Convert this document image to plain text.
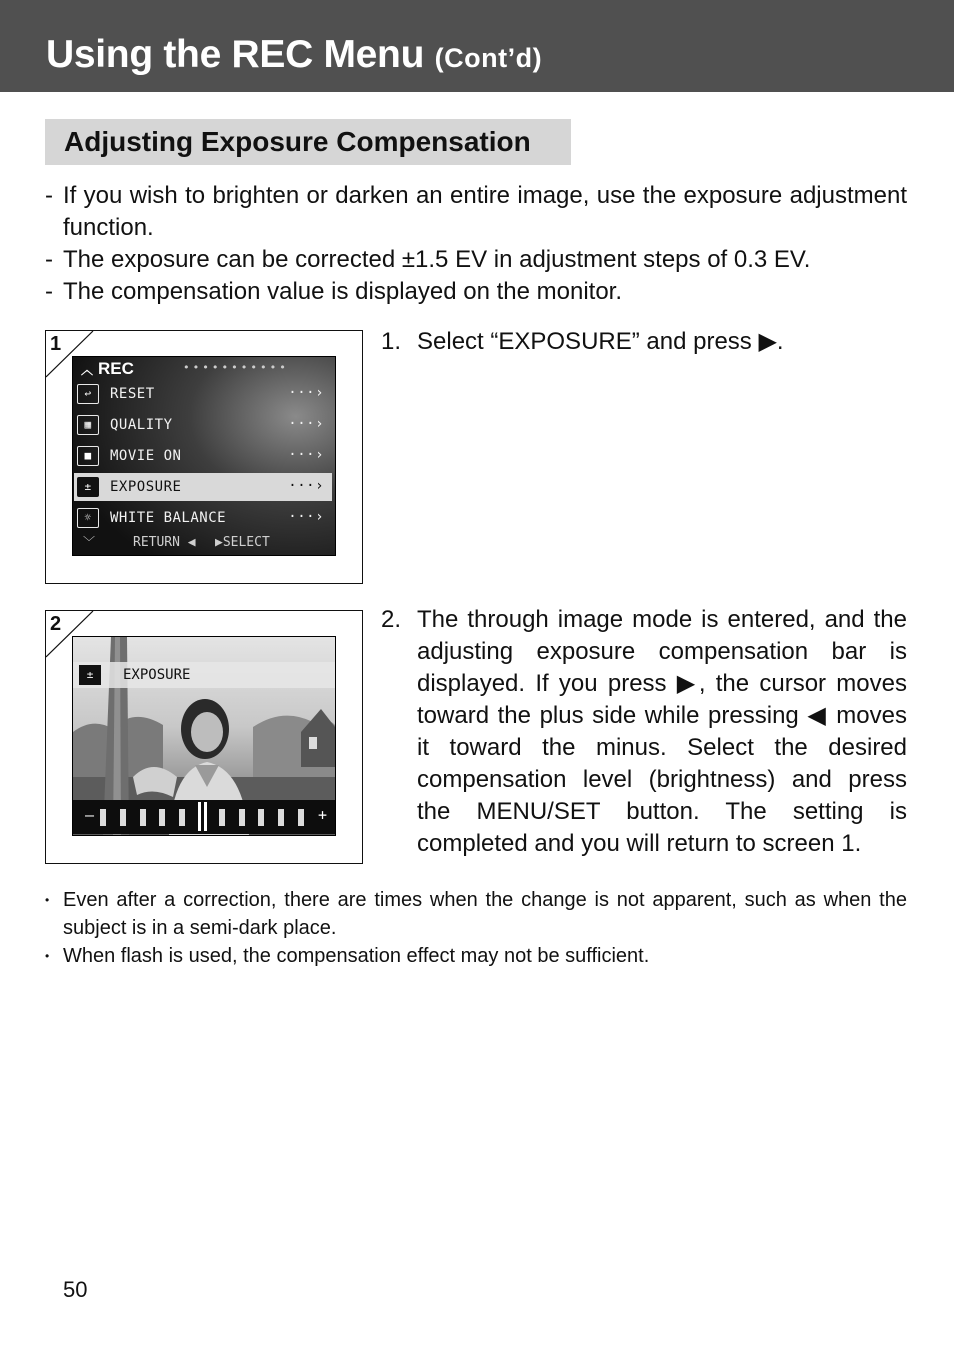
Using the REC Menu (Cont’d)
Adjusting Exposure Compensation
- If you wish to brighten or darken an entire image, use the exposure adjustment function.
- The exposure can be corrected ±1.5 EV in adjustment steps of 0.3 EV.
- The compensation value is displayed on the monitor.
1
︿ REC	•••••••••••
↩	RESET	···›
▦	QUALITY	···›
■	MOVIE ON	···›
±	EXPOSURE	···›
☼	WHITE BALANCE	···›
﹀	RETURN ◀ ▶SELECT
2
±	EXPOSURE
–	+
1. Select “EXPOSURE” and press ▶.
2. The through image mode is entered, and the adjusting exposure compensation bar is displayed. If you press ▶, the cursor moves toward the plus side while pressing ◀ moves it toward the minus. Select the desired compensation level (brightness) and press the MENU/SET button. The setting is completed and you will return to screen 1.
• Even after a correction, there are times when the change is not apparent, such as when the subject is in a semi-dark place.
• When flash is used, the compensation effect may not be sufficient.
50
